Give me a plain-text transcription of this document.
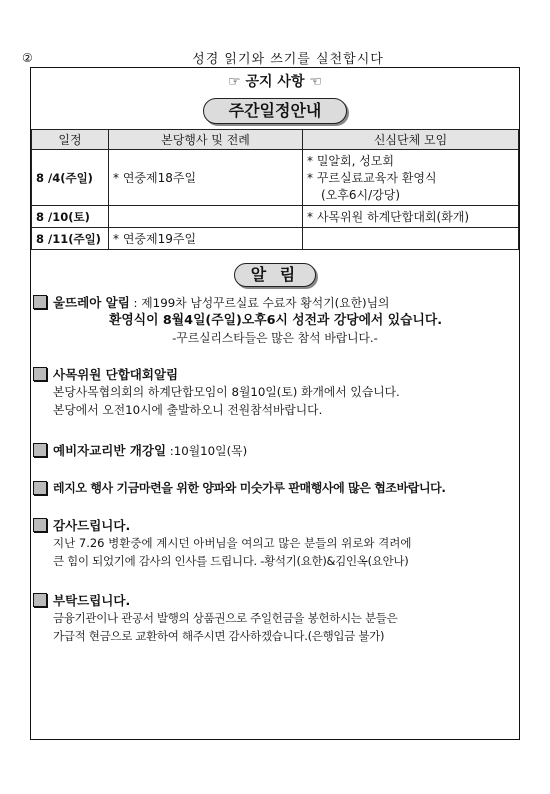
②	성경 읽기와 쓰기를 실천합시다
☞ 공지 사항 ☜
주간일정안내
일정	본당행사 및 전례	신심단체 모임
8 /4(주일)	* 연중제18주일	* 밀알회, 성모회
* 꾸르실료교육자 환영식
(오후6시/강당)

8 /10(토)		* 사목위원 하계단합대회(화개)

8 /11(주일)	* 연중제19주일	
알 림
울뜨레아 알림 : 제199차 남성꾸르실료 수료자 황석기(요한)님의
환영식이 8월4일(주일)오후6시 성전과 강당에서 있습니다.
-꾸르실리스타들은 많은 참석 바랍니다.-
사목위원 단합대회알림
본당사목협의회의 하계단합모임이 8월10일(토) 화개에서 있습니다.
본당에서 오전10시에 출발하오니 전원참석바랍니다.
예비자교리반 개강일 :10월10일(목)
레지오 행사 기금마련을 위한 양파와 미숫가루 판매행사에 많은 협조바랍니다.
감사드립니다.
지난 7.26 병환중에 계시던 아버님을 여의고 많은 분들의 위로와 격려에
큰 힘이 되었기에 감사의 인사를 드립니다. -황석기(요한)&김인옥(요안나)
부탁드립니다.
금융기관이나 관공서 발행의 상품권으로 주일헌금을 봉헌하시는 분들은
가급적 현금으로 교환하여 해주시면 감사하겠습니다.(은행입금 불가)
